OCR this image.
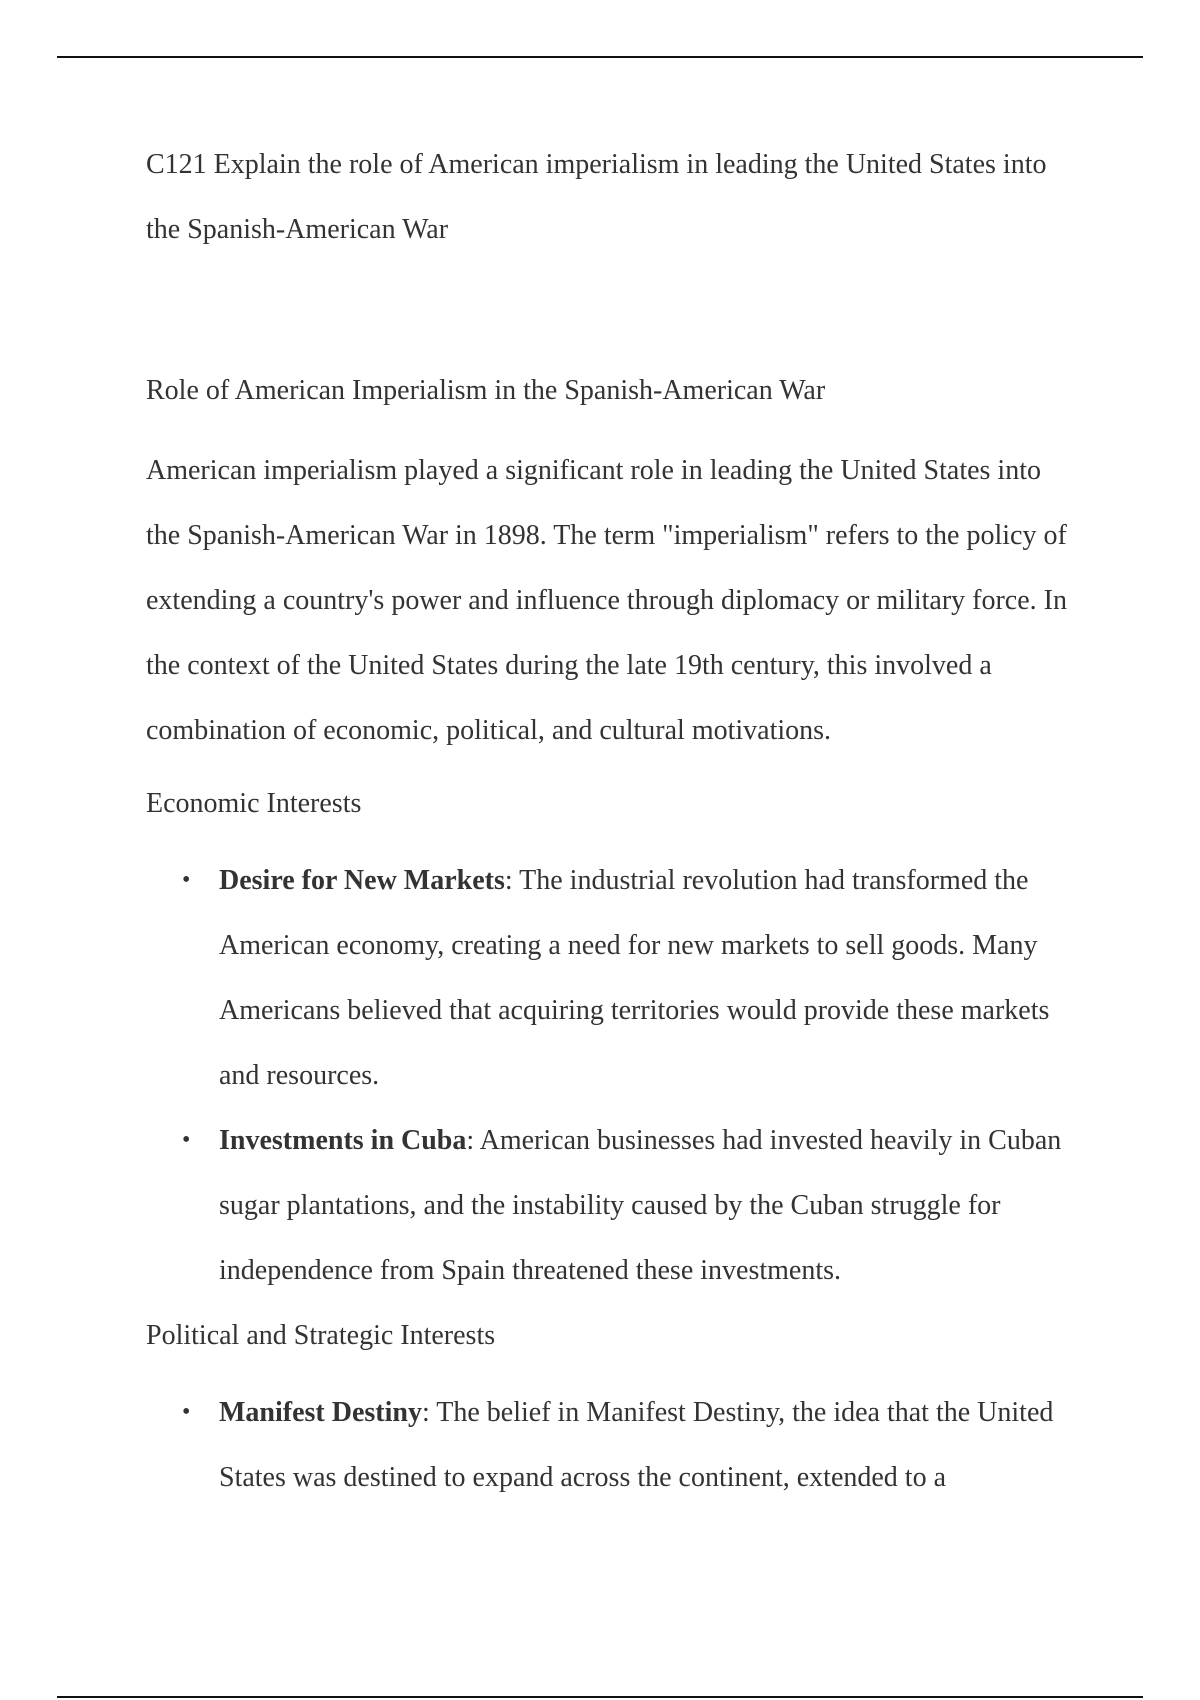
C121 Explain the role of American imperialism in leading the United States into the Spanish-American War

Role of American Imperialism in the Spanish-American War

American imperialism played a significant role in leading the United States into the Spanish-American War in 1898. The term "imperialism" refers to the policy of extending a country's power and influence through diplomacy or military force. In the context of the United States during the late 19th century, this involved a combination of economic, political, and cultural motivations.

Economic Interests

• Desire for New Markets: The industrial revolution had transformed the American economy, creating a need for new markets to sell goods. Many Americans believed that acquiring territories would provide these markets and resources.
• Investments in Cuba: American businesses had invested heavily in Cuban sugar plantations, and the instability caused by the Cuban struggle for independence from Spain threatened these investments.

Political and Strategic Interests

• Manifest Destiny: The belief in Manifest Destiny, the idea that the United States was destined to expand across the continent, extended to a
